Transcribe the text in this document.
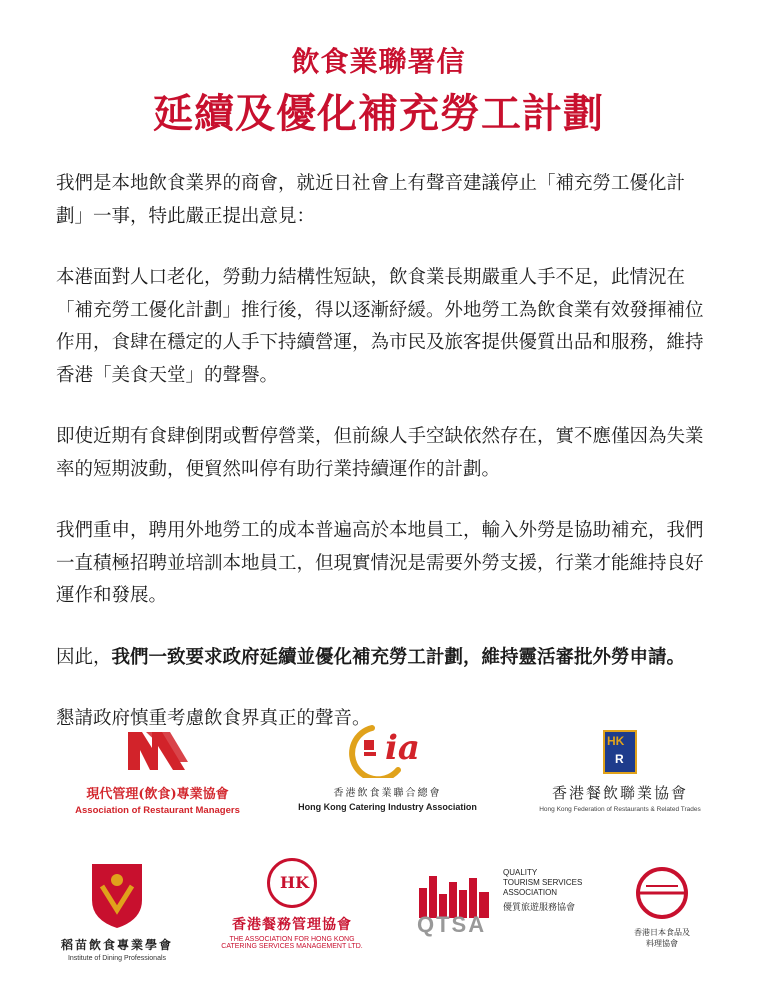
飲食業聯署信
延續及優化補充勞工計劃

我們是本地飲食業界的商會，就近日社會上有聲音建議停止「補充勞工優化計劃」一事，特此嚴正提出意見：

本港面對人口老化，勞動力結構性短缺，飲食業長期嚴重人手不足，此情況在「補充勞工優化計劃」推行後，得以逐漸紓緩。外地勞工為飲食業有效發揮補位作用，食肆在穩定的人手下持續營運，為市民及旅客提供優質出品和服務，維持香港「美食天堂」的聲譽。

即使近期有食肆倒閉或暫停營業，但前線人手空缺依然存在，實不應僅因為失業率的短期波動，便貿然叫停有助行業持續運作的計劃。

我們重申，聘用外地勞工的成本普遍高於本地員工，輸入外勞是協助補充，我們一直積極招聘並培訓本地員工，但現實情況是需要外勞支援，行業才能維持良好運作和發展。

因此，我們一致要求政府延續並優化補充勞工計劃，維持靈活審批外勞申請。

懇請政府慎重考慮飲食界真正的聲音。

現代管理(飲食)專業協會
Association of Restaurant Managers
ia
香港飲食業聯合總會
Hong Kong Catering Industry Association
HK
R
香港餐飲聯業協會
Hong Kong Federation of Restaurants & Related Trades
稻苗飲食專業學會
Institute of Dining Professionals
HK
香港餐務管理協會
THE ASSOCIATION FOR HONG KONG
CATERING SERVICES MANAGEMENT LTD.
QTSA
QUALITY
TOURISM SERVICES
ASSOCIATION
優質旅遊服務協會
香港日本食品及
料理協會
